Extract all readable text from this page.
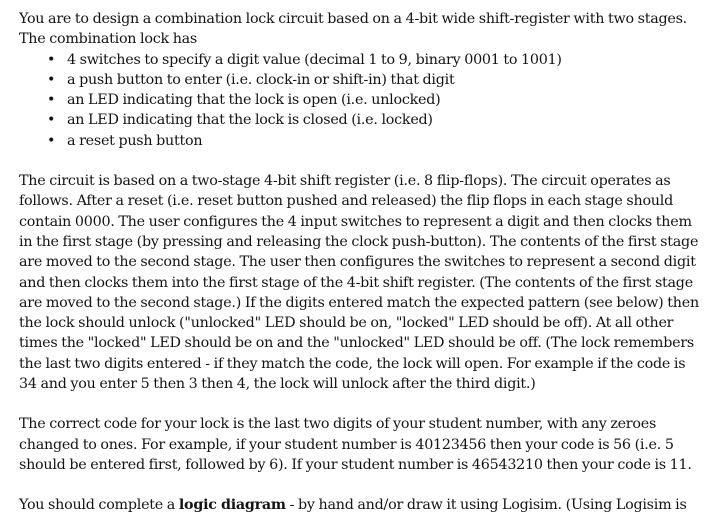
You are to design a combination lock circuit based on a 4-bit wide shift-register with two stages.

The combination lock has

• 4 switches to specify a digit value (decimal 1 to 9, binary 0001 to 1001)
• a push button to enter (i.e. clock-in or shift-in) that digit
• an LED indicating that the lock is open (i.e. unlocked)
• an LED indicating that the lock is closed (i.e. locked)
• a reset push button

The circuit is based on a two-stage 4-bit shift register (i.e. 8 flip-flops). The circuit operates as

follows. After a reset (i.e. reset button pushed and released) the flip flops in each stage should

contain 0000. The user configures the 4 input switches to represent a digit and then clocks them

in the first stage (by pressing and releasing the clock push-button). The contents of the first stage

are moved to the second stage. The user then configures the switches to represent a second digit

and then clocks them into the first stage of the 4-bit shift register. (The contents of the first stage

are moved to the second stage.) If the digits entered match the expected pattern (see below) then

the lock should unlock ("unlocked" LED should be on, "locked" LED should be off). At all other

times the "locked" LED should be on and the "unlocked" LED should be off. (The lock remembers

the last two digits entered - if they match the code, the lock will open. For example if the code is

34 and you enter 5 then 3 then 4, the lock will unlock after the third digit.)

The correct code for your lock is the last two digits of your student number, with any zeroes

changed to ones. For example, if your student number is 40123456 then your code is 56 (i.e. 5

should be entered first, followed by 6). If your student number is 46543210 then your code is 11.

You should complete a logic diagram - by hand and/or draw it using Logisim. (Using Logisim is
